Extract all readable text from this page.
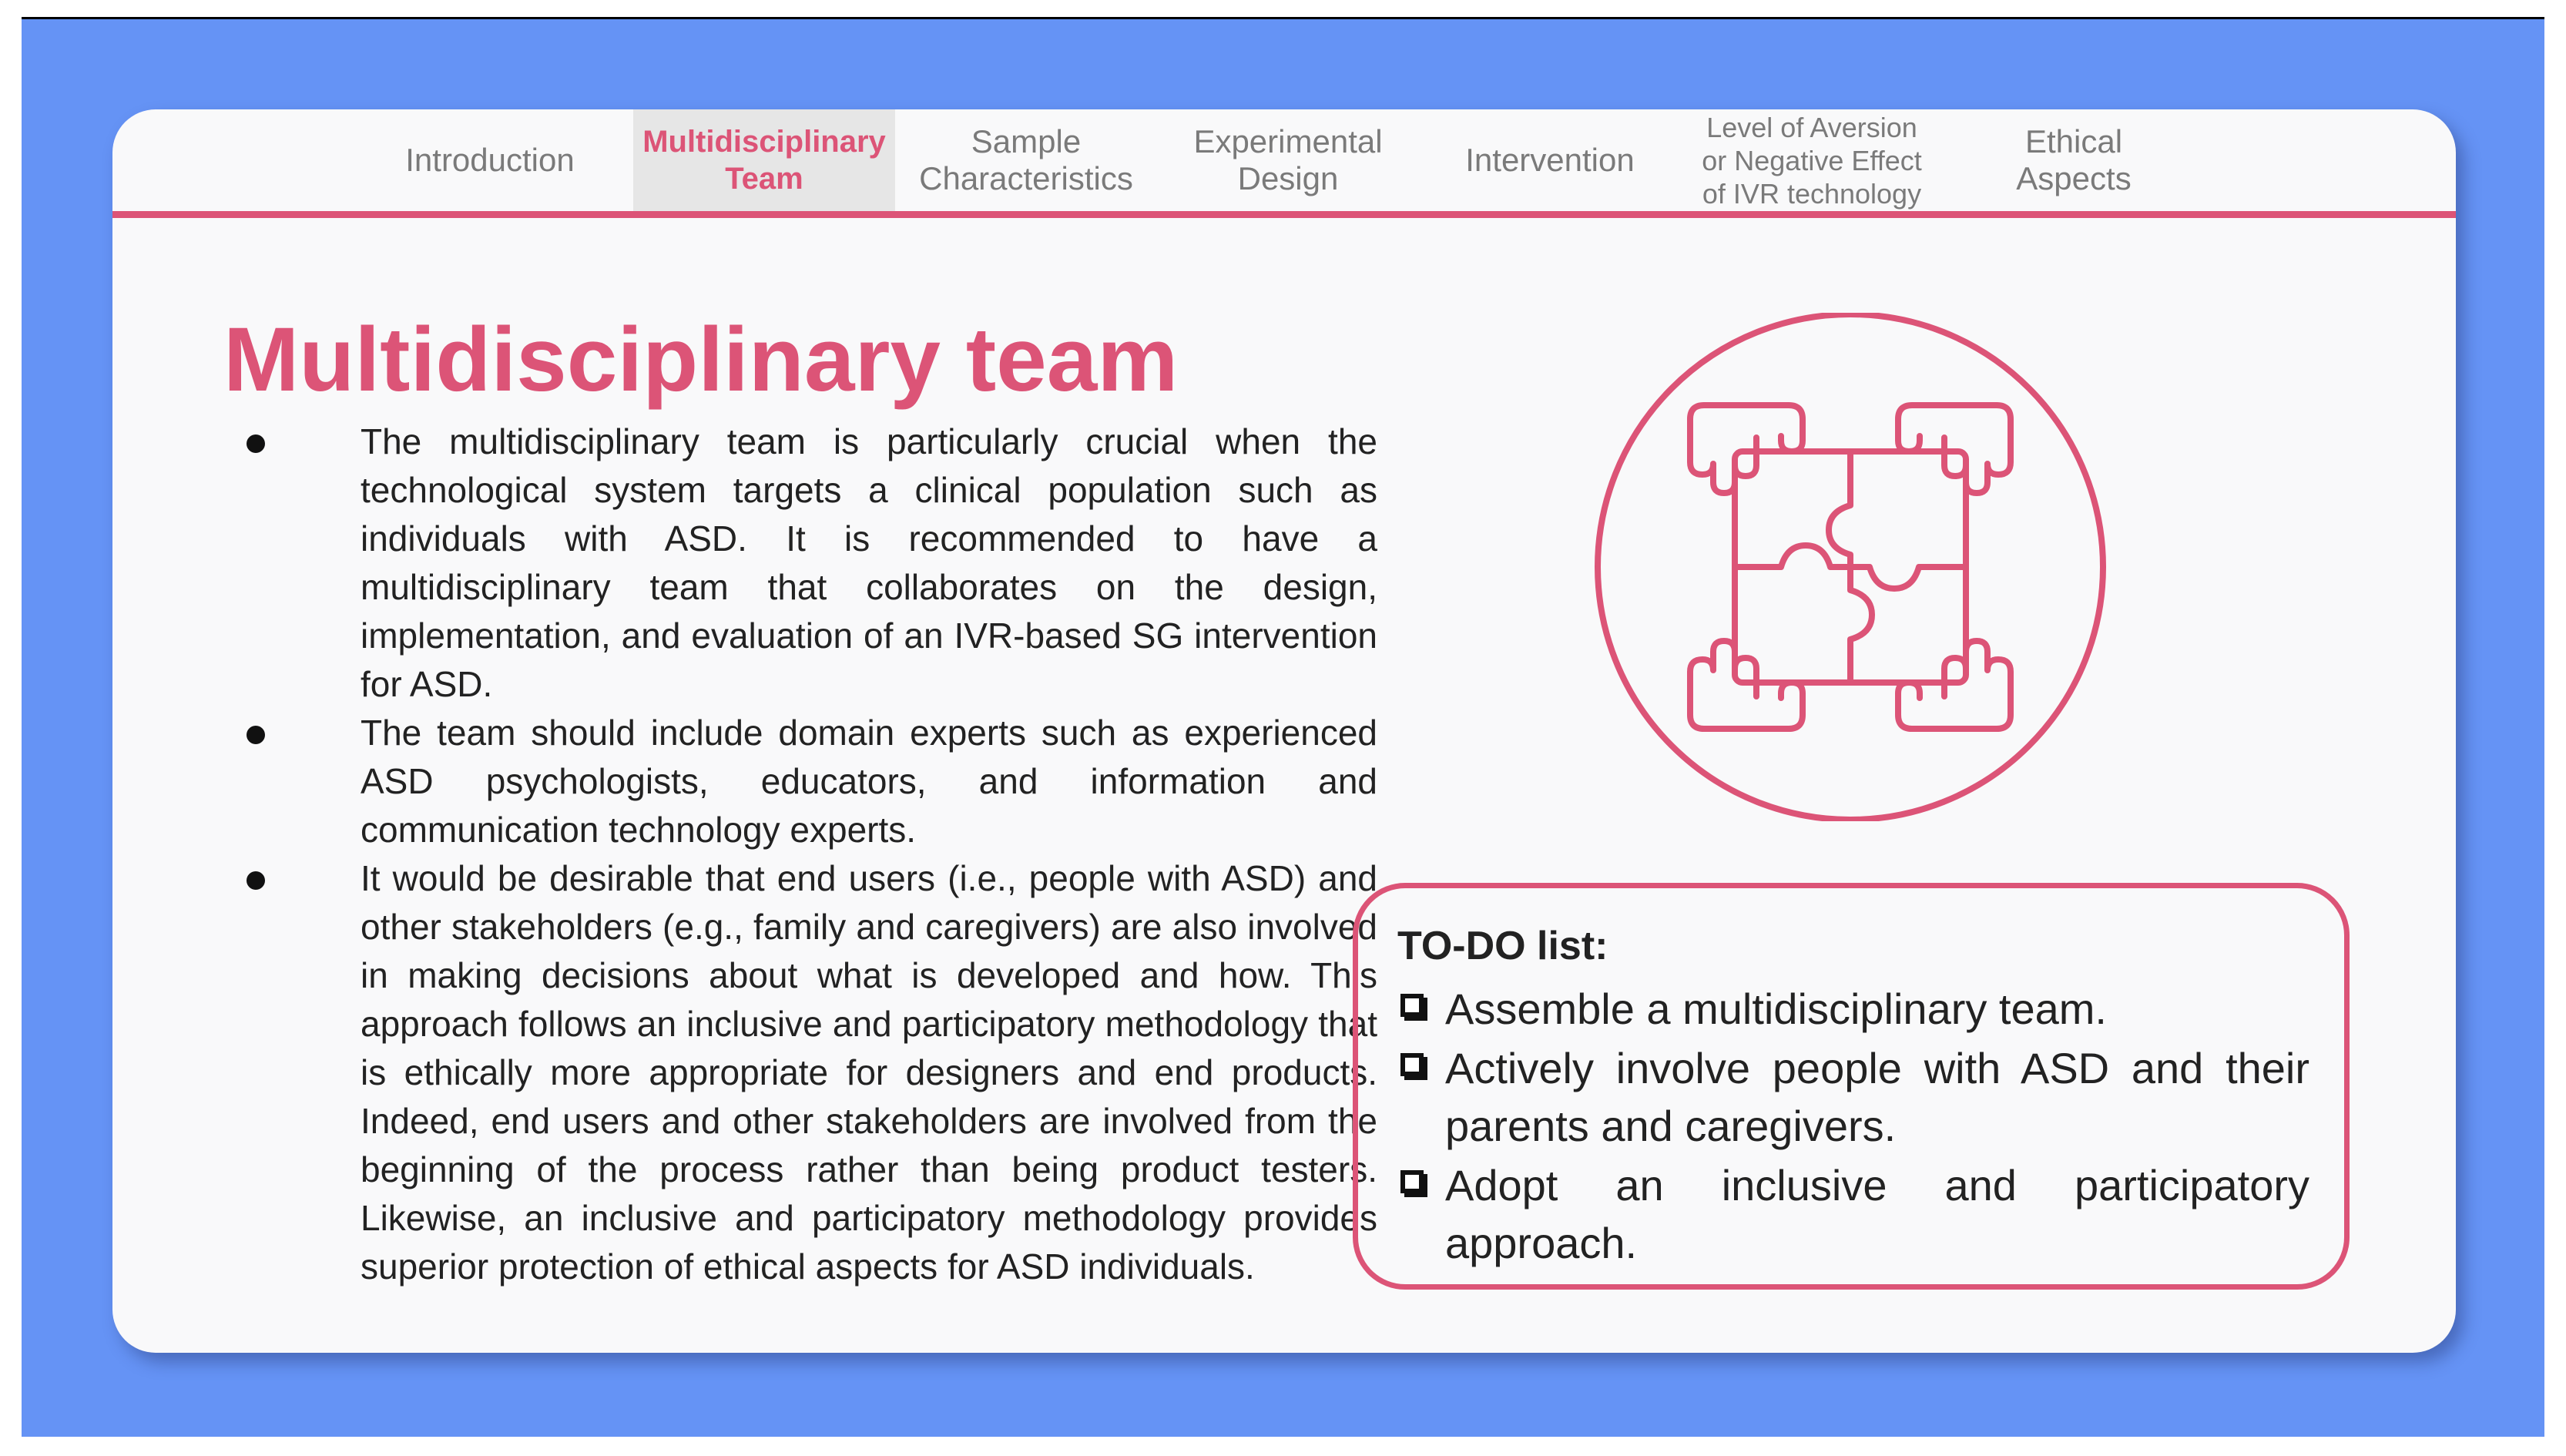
Introduction Multidisciplinary
Team
Sample
Characteristics
Experimental
Design
Intervention
Level of Aversion
or Negative Effect
of IVR technology
Ethical
Aspects
Multidisciplinary team
The multidisciplinary team is particularly crucial when the technological system targets a clinical population such as individuals with ASD. It is recommended to have a multidisciplinary team that collaborates on the design, implementation, and evaluation of an IVR-based SG intervention for ASD.
The team should include domain experts such as experienced ASD psychologists, educators, and information and communication technology experts.
It would be desirable that end users (i.e., people with ASD) and other stakeholders (e.g., family and caregivers) are also involved in making decisions about what is developed and how. This approach follows an inclusive and participatory methodology that is ethically more appropriate for designers and end products. Indeed, end users and other stakeholders are involved from the beginning of the process rather than being product testers. Likewise, an inclusive and participatory methodology provides superior protection of ethical aspects for ASD individuals.
TO-DO list:
Assemble a multidisciplinary team.
Actively involve people with ASD and their parents and caregivers.
Adopt an inclusive and participatory approach.
